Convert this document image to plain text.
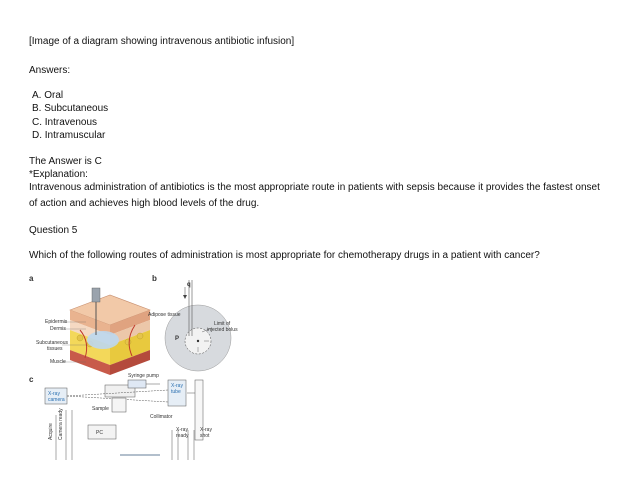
[Image of a diagram showing intravenous antibiotic infusion]
Answers:
A. Oral
B. Subcutaneous
C. Intravenous
D. Intramuscular
The Answer is C
*Explanation:
Intravenous administration of antibiotics is the most appropriate route in patients with sepsis because it provides the fastest onset of action and achieves high blood levels of the drug.
Question 5
Which of the following routes of administration is most appropriate for chemotherapy drugs in a patient with cancer?
a	b
c
Epidermis
Dermis
Subcutaneous
tissues
Muscle
Adipose tissue
Limit of
injected bolus
q
P
Syringe pump
X-ray
tube
X-ray
camera
Sample
Collimator
X-ray
ready
X-ray
shot
PC
Camera ready
Acquire
